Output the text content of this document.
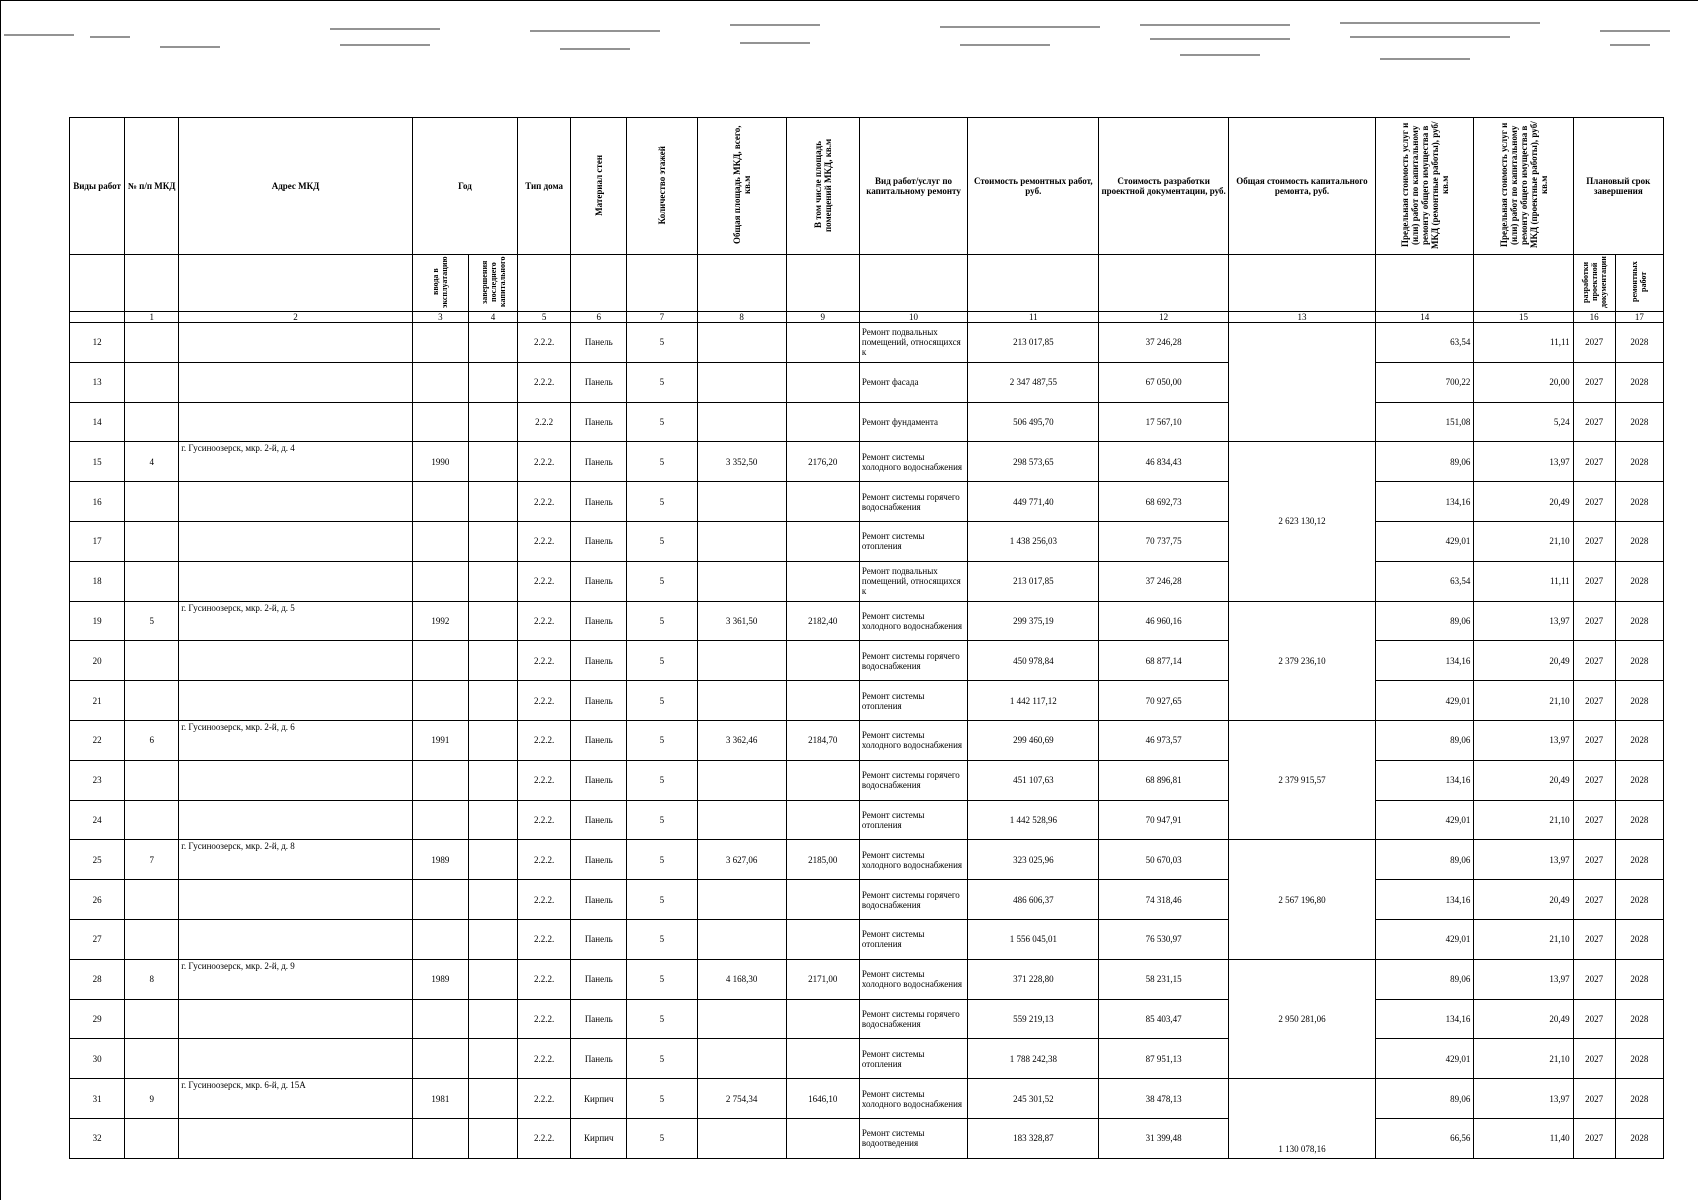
Виды работ	№ п/п МКД	Адрес МКД	Год		Тип дома	Материал стен	Количество этажей	Общая площадь МКД, всего, кв.м	В том числе площадь помещений МКД, кв.м	Вид работ/услуг по капитальному ремонту	Стоимость ремонтных работ, руб.	Стоимость разработки проектной документации, руб.	Общая стоимость капитального ремонта, руб.	Предельная стоимость услуг и (или) работ по капитальному ремонту общего имущества в МКД (ремонтные работы), руб/кв.м	Предельная стоимость услуг и (или) работ по капитальному ремонту общего имущества в МКД (проектные работы), руб/кв.м	Плановый срок завершения	
			ввода в эксплуатацию	завершения последнего капитального												разработки проектной документации	ремонтных работ
	1	2	3	4	5	6	7	8	9	10	11	12	13	14	15	16	17
12					2.2.2.	Панель	5			Ремонт подвальных помещений, относящихся к	213 017,85	37 246,28		63,54	11,11	2027	2028
13					2.2.2.	Панель	5			Ремонт фасада	2 347 487,55	67 050,00		700,22	20,00	2027	2028
14					2.2.2	Панель	5			Ремонт фундамента	506 495,70	17 567,10		151,08	5,24	2027	2028
15	4	г. Гусиноозерск, мкр. 2-й, д. 4	1990		2.2.2.	Панель	5	3 352,50	2176,20	Ремонт системы холодного водоснабжения	298 573,65	46 834,43	2 623 130,12	89,06	13,97	2027	2028
16					2.2.2.	Панель	5			Ремонт системы горячего водоснабжения	449 771,40	68 692,73		134,16	20,49	2027	2028
17					2.2.2.	Панель	5			Ремонт системы отопления	1 438 256,03	70 737,75		429,01	21,10	2027	2028
18					2.2.2.	Панель	5			Ремонт подвальных помещений, относящихся к	213 017,85	37 246,28		63,54	11,11	2027	2028
19	5	г. Гусиноозерск, мкр. 2-й, д. 5	1992		2.2.2.	Панель	5	3 361,50	2182,40	Ремонт системы холодного водоснабжения	299 375,19	46 960,16	2 379 236,10	89,06	13,97	2027	2028
20					2.2.2.	Панель	5			Ремонт системы горячего водоснабжения	450 978,84	68 877,14		134,16	20,49	2027	2028
21					2.2.2.	Панель	5			Ремонт системы отопления	1 442 117,12	70 927,65		429,01	21,10	2027	2028
22	6	г. Гусиноозерск, мкр. 2-й, д. 6	1991		2.2.2.	Панель	5	3 362,46	2184,70	Ремонт системы холодного водоснабжения	299 460,69	46 973,57	2 379 915,57	89,06	13,97	2027	2028
23					2.2.2.	Панель	5			Ремонт системы горячего водоснабжения	451 107,63	68 896,81		134,16	20,49	2027	2028
24					2.2.2.	Панель	5			Ремонт системы отопления	1 442 528,96	70 947,91		429,01	21,10	2027	2028
25	7	г. Гусиноозерск, мкр. 2-й, д. 8	1989		2.2.2.	Панель	5	3 627,06	2185,00	Ремонт системы холодного водоснабжения	323 025,96	50 670,03	2 567 196,80	89,06	13,97	2027	2028
26					2.2.2.	Панель	5			Ремонт системы горячего водоснабжения	486 606,37	74 318,46		134,16	20,49	2027	2028
27					2.2.2.	Панель	5			Ремонт системы отопления	1 556 045,01	76 530,97		429,01	21,10	2027	2028
28	8	г. Гусиноозерск, мкр. 2-й, д. 9	1989		2.2.2.	Панель	5	4 168,30	2171,00	Ремонт системы холодного водоснабжения	371 228,80	58 231,15	2 950 281,06	89,06	13,97	2027	2028
29					2.2.2.	Панель	5			Ремонт системы горячего водоснабжения	559 219,13	85 403,47		134,16	20,49	2027	2028
30					2.2.2.	Панель	5			Ремонт системы отопления	1 788 242,38	87 951,13		429,01	21,10	2027	2028
31	9	г. Гусиноозерск, мкр. 6-й, д. 15А	1981		2.2.2.	Кирпич	5	2 754,34	1646,10	Ремонт системы холодного водоснабжения	245 301,52	38 478,13	1 130 078,16	89,06	13,97	2027	2028
32					2.2.2.	Кирпич	5			Ремонт системы водоотведения	183 328,87	31 399,48		66,56	11,40	2027	2028
